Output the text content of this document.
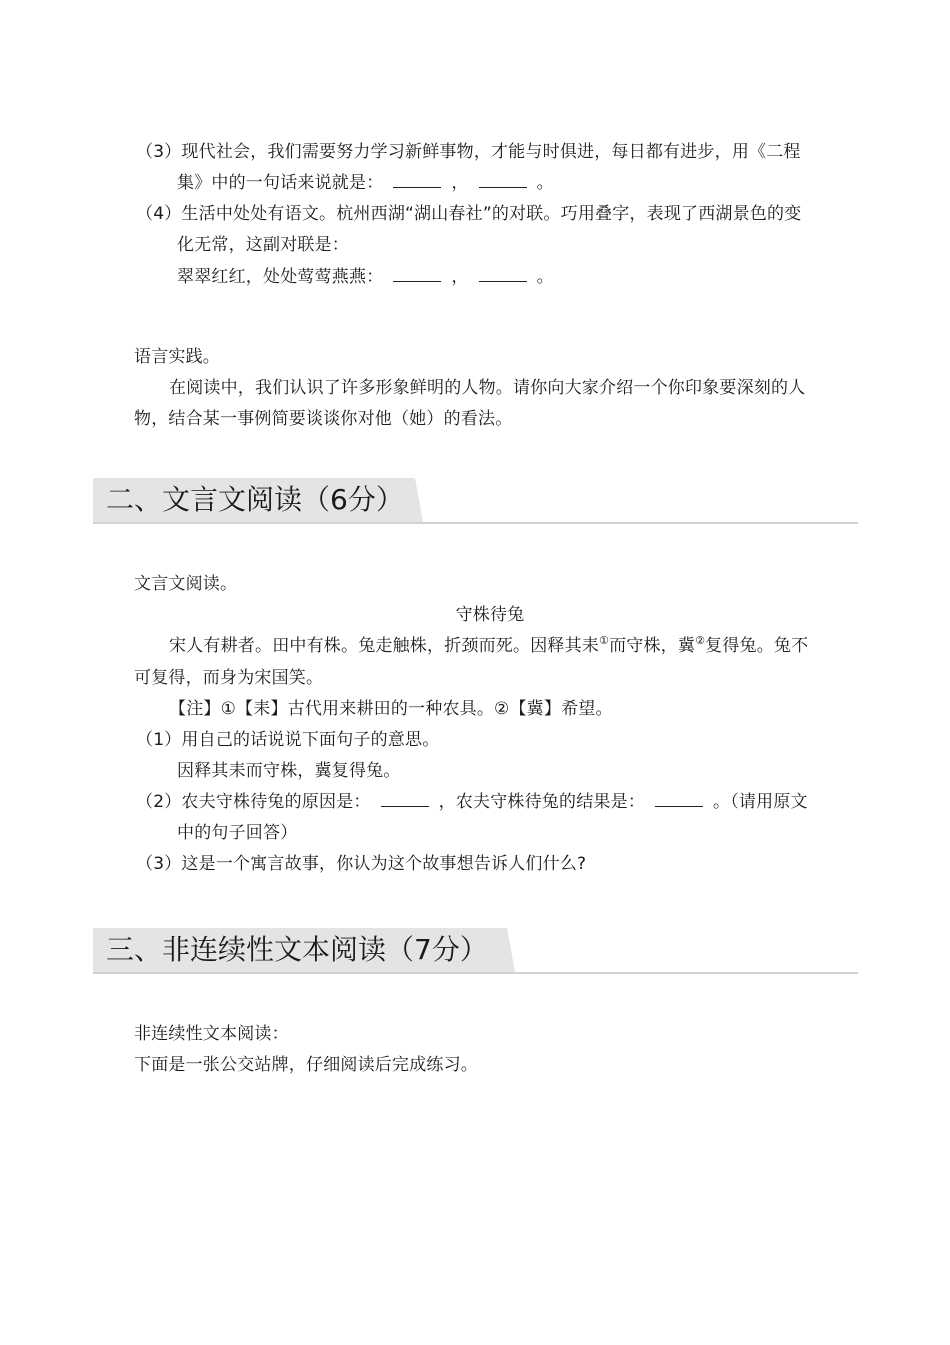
（3）现代社会，我们需要努力学习新鲜事物，才能与时俱进，每日都有进步，用《二程
集》中的一句话来说就是：	，	。
（4）生活中处处有语文。杭州西湖“湖山春社”的对联。巧用叠字，表现了西湖景色的变
化无常，这副对联是：
翠翠红红，处处莺莺燕燕：	，	。
语言实践。
在阅读中，我们认识了许多形象鲜明的人物。请你向大家介绍一个你印象要深刻的人
物，结合某一事例简要谈谈你对他（她）的看法。
二、文言文阅读（6分）
文言文阅读。
守株待兔
宋人有耕者。田中有株。兔走触株，折颈而死。因释其耒①而守株，冀②复得兔。兔不
可复得，而身为宋国笑。
【注】①【耒】古代用来耕田的一种农具。②【冀】希望。
（1）用自己的话说说下面句子的意思。
因释其耒而守株，冀复得兔。
（2）农夫守株待兔的原因是：	，农夫守株待兔的结果是：	。（请用原文
中的句子回答）
（3）这是一个寓言故事，你认为这个故事想告诉人们什么?
三、非连续性文本阅读（7分）
非连续性文本阅读：
下面是一张公交站牌，仔细阅读后完成练习。
